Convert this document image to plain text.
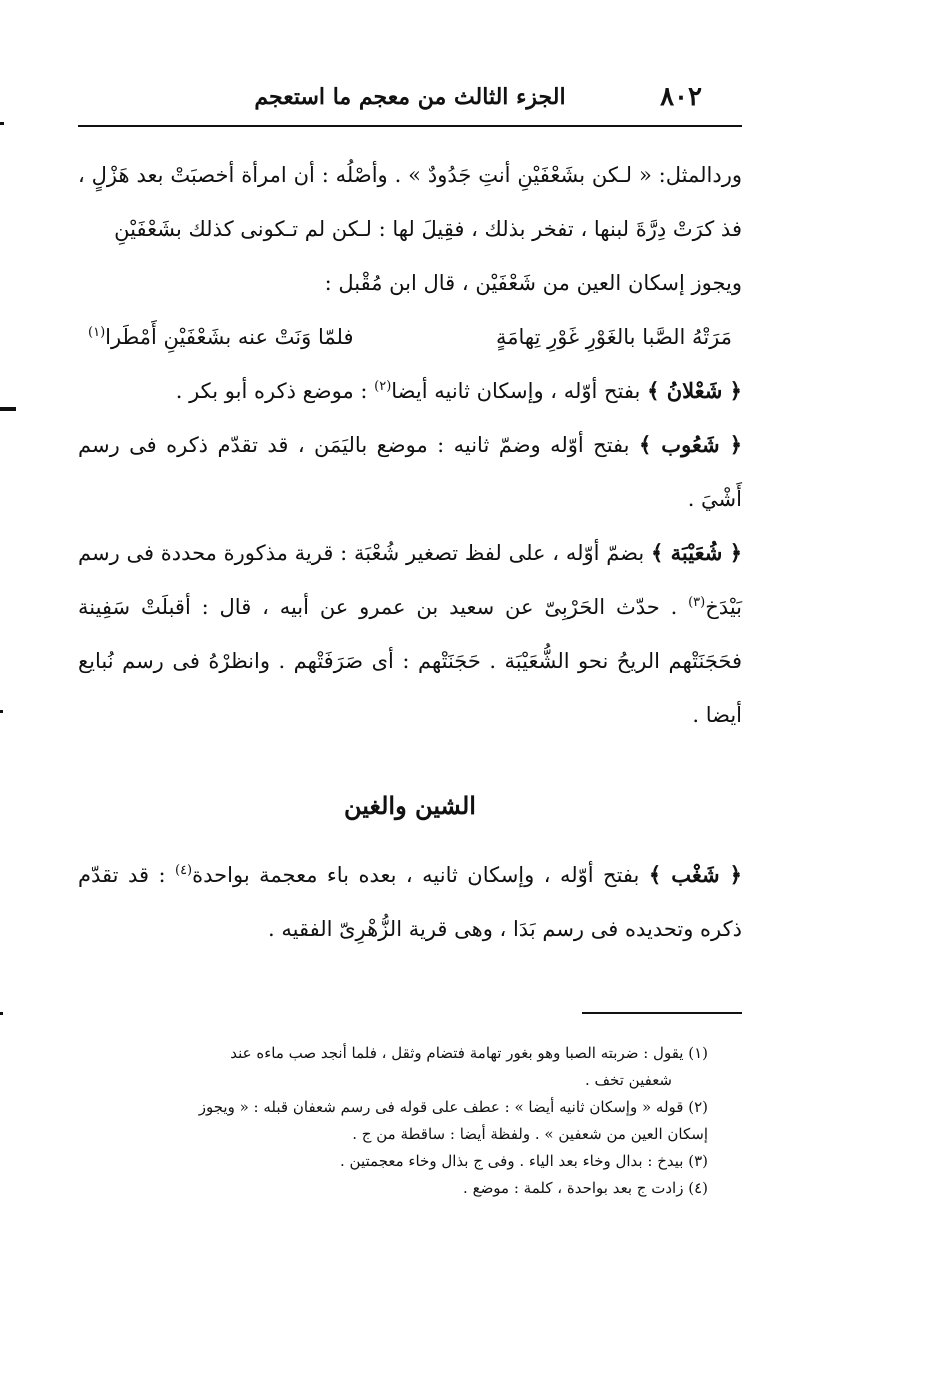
٨٠٢
الجزء الثالث من معجم ما استعجم

وردالمثل: « لـكن بشَعْفَيْنِ أنتِ جَدُودٌ » . وأصْلُه : أن امرأة أخصبَتْ بعد هَزْلٍ ، فذ كرَتْ دِرَّةَ لبنها ، تفخر بذلك ، فقِيلَ لها : لـكن لم تـكونى كذلك بشَعْفَيْنِ

ويجوز إسكان العين من شَعْفَيْن ، قال ابن مُقْبل :

مَرَتْهُ الصَّبا بالغَوْرِ غَوْرِ تِهامَةٍ
فلمّا وَنَتْ عنه بشَعْفَيْنِ أَمْطَرا$^{(١)}$

﴿ شَعْلانُ ﴾ بفتح أوّله ، وإسكان ثانيه أيضا$^{(٢)}$ : موضع ذكره أبو بكر .

﴿ شَعُوب ﴾ بفتح أوّله وضمّ ثانيه : موضع باليَمَن ، قد تقدّم ذكره فى رسم أَشْيَ .

﴿ شُعَيْبَة ﴾ بضمّ أوّله ، على لفظ تصغير شُعْبَة : قرية مذكورة محددة فى رسم بَيْدَخ$^{(٣)}$ . حدّث الحَرْبِىّ عن سعيد بن عمرو عن أبيه ، قال : أقبلَتْ سَفِينة فحَجَنَتْهم الريحُ نحو الشُّعَيْبَة . حَجَنَتْهم : أى صَرَفَتْهم . وانظرْهُ فى رسم نُبايع أيضا .

الشين والغين

﴿ شَغْب ﴾ بفتح أوّله ، وإسكان ثانيه ، بعده باء معجمة بواحدة$^{(٤)}$ : قد تقدّم ذكره وتحديده فى رسم بَدَا ، وهى قرية الزُّهْرِىّ الفقيه .

(١) يقول : ضربته الصبا وهو بغور تهامة فتضام وثقل ، فلما أنجد صب ماءه عند

شعفين تخف .

(٢) قوله « وإسكان ثانيه أيضا » : عطف على قوله فى رسم شعفان قبله : « ويجوز

إسكان العين من شعفين » . ولفظة أيضا : ساقطة من ج .

(٣) بيدخ : بدال وخاء بعد الياء . وفى ج بذال وخاء معجمتين .

(٤) زادت ج بعد بواحدة ، كلمة : موضع .
